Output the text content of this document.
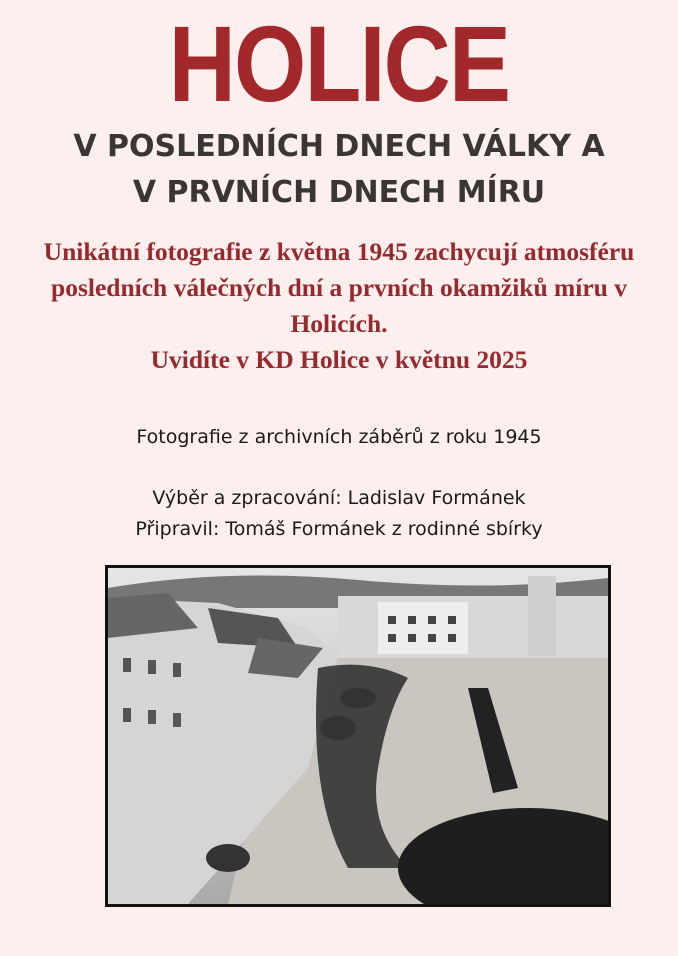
HOLICE
V POSLEDNÍCH DNECH VÁLKY A
V PRVNÍCH DNECH MÍRU
Unikátní fotografie z května 1945 zachycují atmosféru
posledních válečných dní a prvních okamžiků míru v
Holicích.
Uvidíte v KD Holice v květnu 2025
Fotografie z archivních záběrů z roku 1945
Výběr a zpracování: Ladislav Formánek
Připravil: Tomáš Formánek z rodinné sbírky
